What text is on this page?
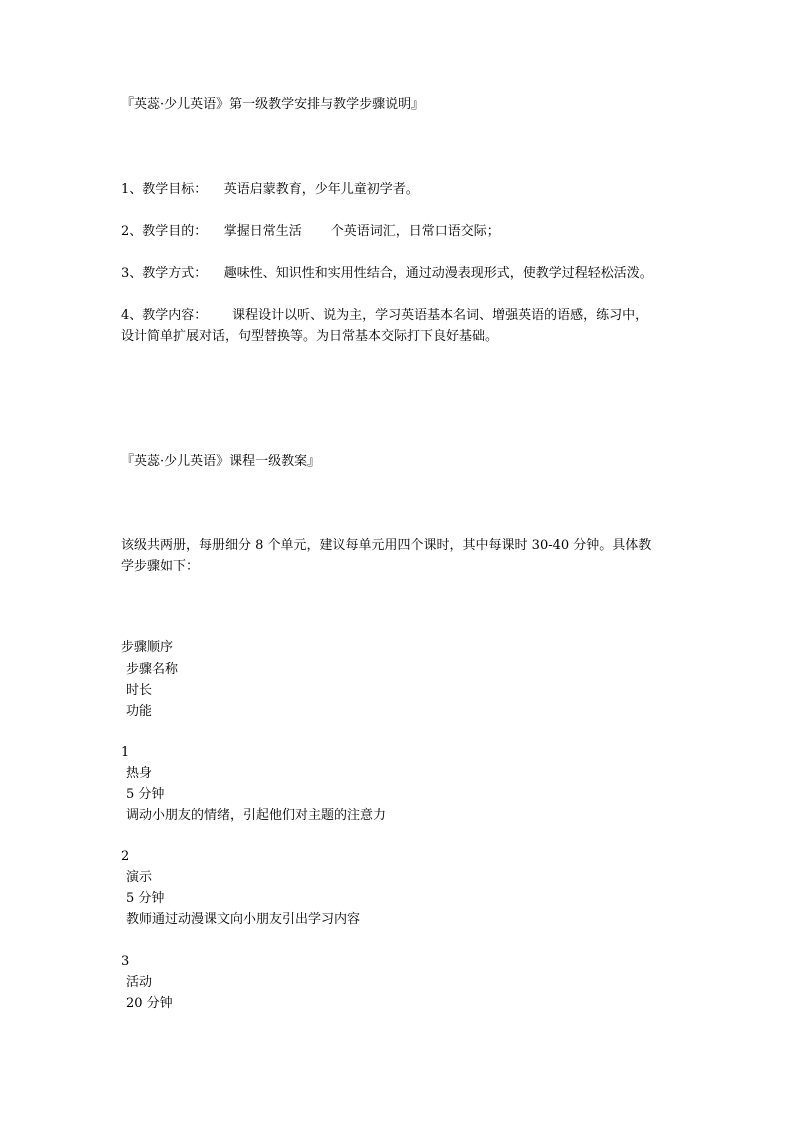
『英蕊·少儿英语》第一级教学安排与教学步骤说明』
1、教学目标：    英语启蒙教育，少年儿童初学者。
2、教学目的：    掌握日常生活       个英语词汇，日常口语交际；
3、教学方式：    趣味性、知识性和实用性结合，通过动漫表现形式，使教学过程轻松活泼。
4、教学内容：      课程设计以听、说为主，学习英语基本名词、增强英语的语感，练习中，
设计简单扩展对话，句型替换等。为日常基本交际打下良好基础。
『英蕊·少儿英语》课程一级教案』
该级共两册，每册细分 8 个单元，建议每单元用四个课时，其中每课时 30-40 分钟。具体教
学步骤如下：
步骤顺序
步骤名称
时长
功能
1
热身
5 分钟
调动小朋友的情绪，引起他们对主题的注意力
2
演示
5 分钟
教师通过动漫课文向小朋友引出学习内容
3
活动
20 分钟
